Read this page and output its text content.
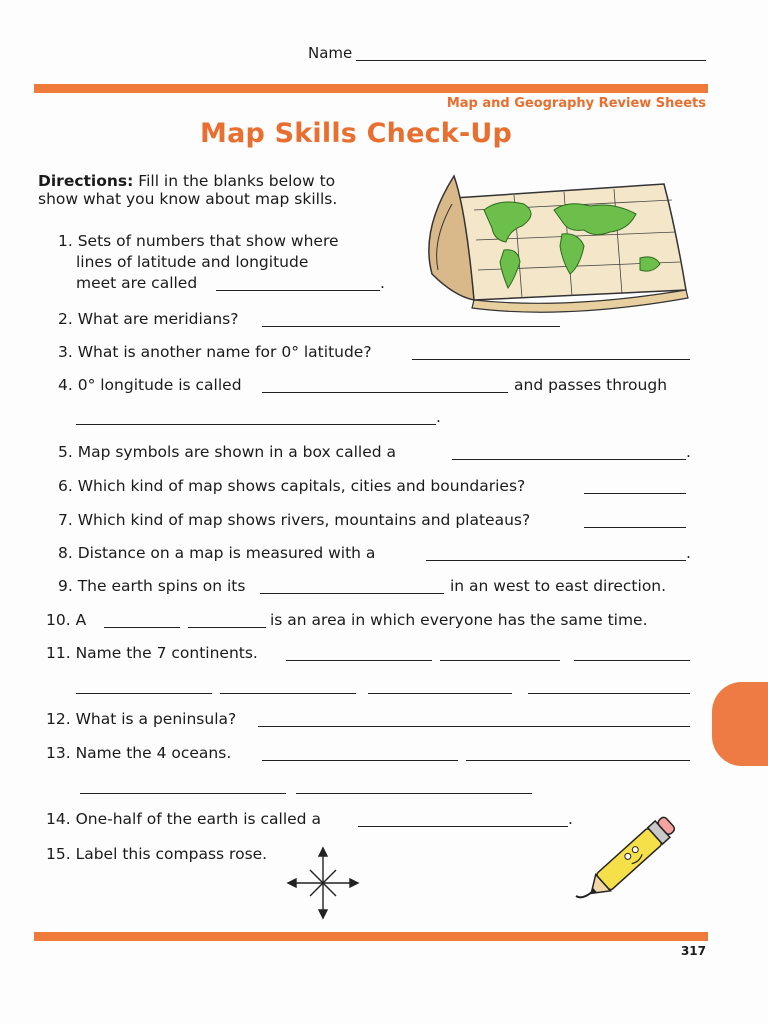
Name
Map and Geography Review Sheets
Map Skills Check-Up
Directions: Fill in the blanks below to
show what you know about map skills.
1. Sets of numbers that show where
lines of latitude and longitude
meet are called	.
2. What are meridians?
3. What is another name for 0° latitude?
4. 0° longitude is called	and passes through
.
5. Map symbols are shown in a box called a	.
6. Which kind of map shows capitals, cities and boundaries?
7. Which kind of map shows rivers, mountains and plateaus?
8. Distance on a map is measured with a	.
9. The earth spins on its	in an west to east direction.
10. A	is an area in which everyone has the same time.
11. Name the 7 continents.
12. What is a peninsula?
13. Name the 4 oceans.
14. One-half of the earth is called a	.
15. Label this compass rose.
317
